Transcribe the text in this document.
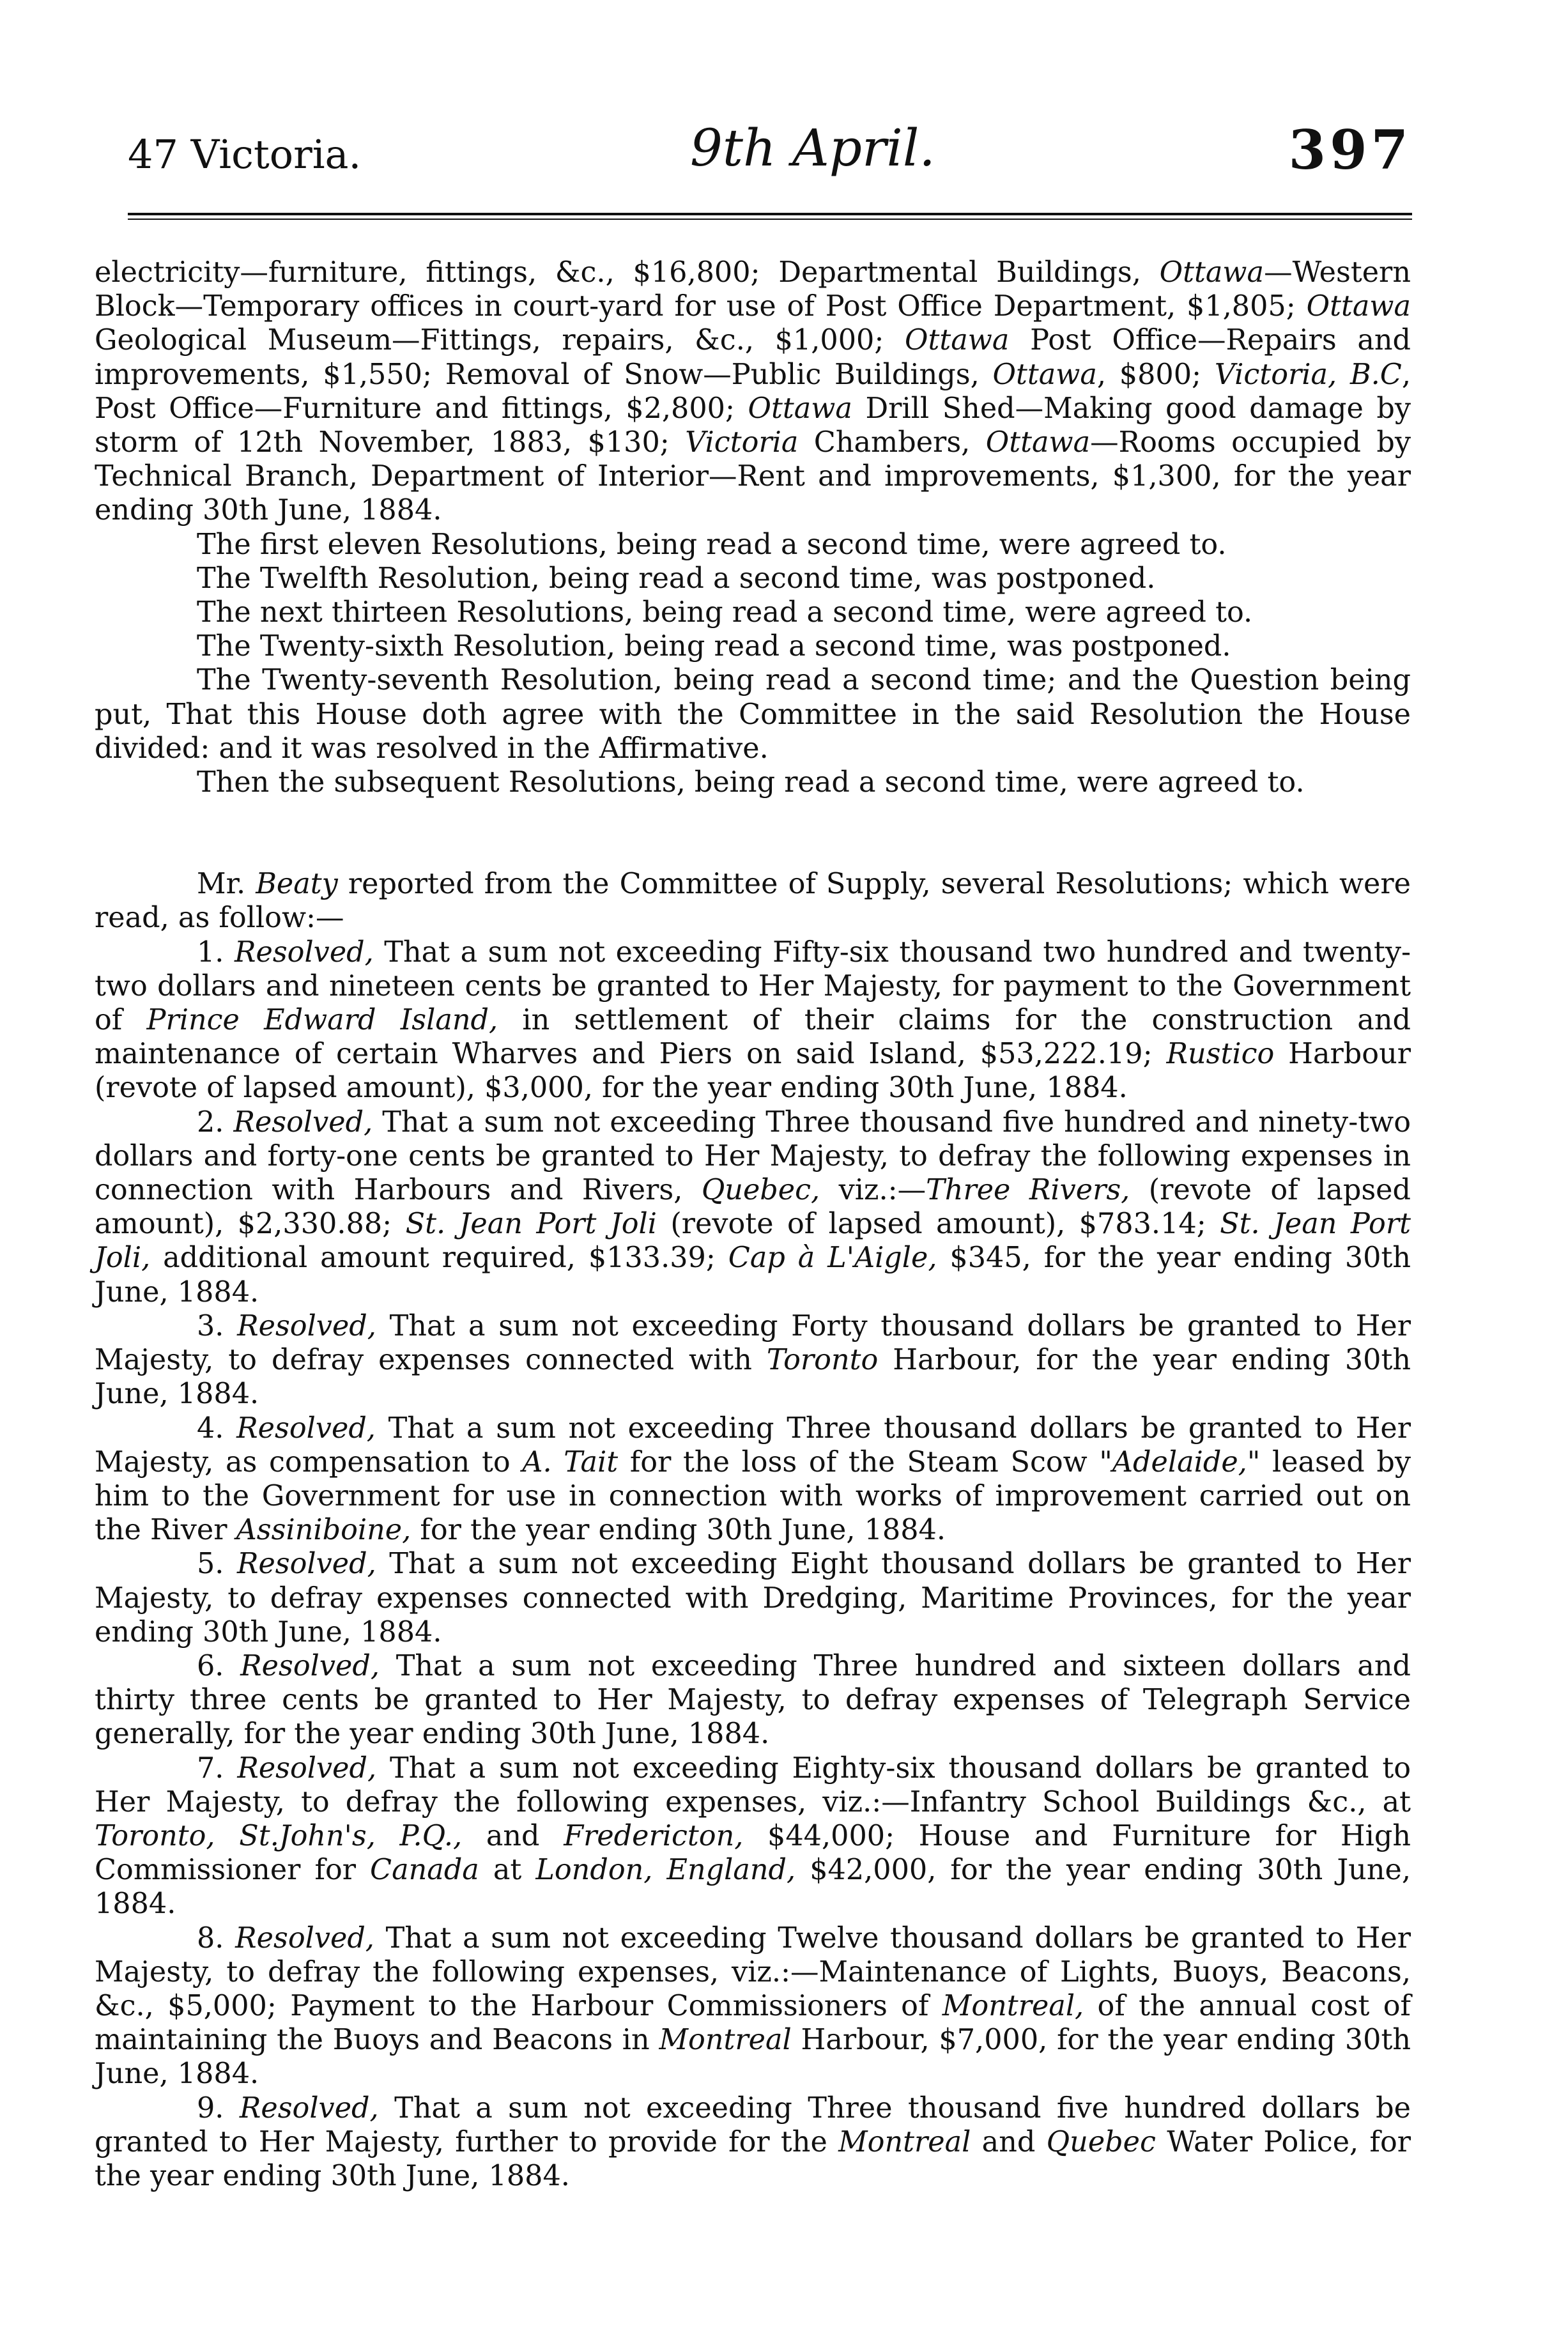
47 Victoria.	9th April.	397

electricity—furniture, fittings, &c., $16,800; Departmental Buildings, Ottawa—Western Block—Temporary offices in court-yard for use of Post Office Department, $1,805; Ottawa Geological Museum—Fittings, repairs, &c., $1,000; Ottawa Post Office—Repairs and improvements, $1,550; Removal of Snow—Public Buildings, Ottawa, $800; Victoria, B.C, Post Office—Furniture and fittings, $2,800; Ottawa Drill Shed—Making good damage by storm of 12th November, 1883, $130; Victoria Chambers, Ottawa—Rooms occupied by Technical Branch, Department of Interior—Rent and improvements, $1,300, for the year ending 30th June, 1884.

The first eleven Resolutions, being read a second time, were agreed to.

The Twelfth Resolution, being read a second time, was postponed.

The next thirteen Resolutions, being read a second time, were agreed to.

The Twenty-sixth Resolution, being read a second time, was postponed.

The Twenty-seventh Resolution, being read a second time; and the Question being put, That this House doth agree with the Committee in the said Resolution the House divided: and it was resolved in the Affirmative.

Then the subsequent Resolutions, being read a second time, were agreed to.

Mr. Beaty reported from the Committee of Supply, several Resolutions; which were read, as follow:—

1. Resolved, That a sum not exceeding Fifty-six thousand two hundred and twenty-two dollars and nineteen cents be granted to Her Majesty, for payment to the Government of Prince Edward Island, in settlement of their claims for the construction and maintenance of certain Wharves and Piers on said Island, $53,222.19; Rustico Harbour (revote of lapsed amount), $3,000, for the year ending 30th June, 1884.

2. Resolved, That a sum not exceeding Three thousand five hundred and ninety-two dollars and forty-one cents be granted to Her Majesty, to defray the following expenses in connection with Harbours and Rivers, Quebec, viz.:—Three Rivers, (revote of lapsed amount), $2,330.88; St. Jean Port Joli (revote of lapsed amount), $783.14; St. Jean Port Joli, additional amount required, $133.39; Cap à L'Aigle, $345, for the year ending 30th June, 1884.

3. Resolved, That a sum not exceeding Forty thousand dollars be granted to Her Majesty, to defray expenses connected with Toronto Harbour, for the year ending 30th June, 1884.

4. Resolved, That a sum not exceeding Three thousand dollars be granted to Her Majesty, as compensation to A. Tait for the loss of the Steam Scow "Adelaide," leased by him to the Government for use in connection with works of improvement carried out on the River Assiniboine, for the year ending 30th June, 1884.

5. Resolved, That a sum not exceeding Eight thousand dollars be granted to Her Majesty, to defray expenses connected with Dredging, Maritime Provinces, for the year ending 30th June, 1884.

6. Resolved, That a sum not exceeding Three hundred and sixteen dollars and thirty three cents be granted to Her Majesty, to defray expenses of Telegraph Service generally, for the year ending 30th June, 1884.

7. Resolved, That a sum not exceeding Eighty-six thousand dollars be granted to Her Majesty, to defray the following expenses, viz.:—Infantry School Buildings &c., at Toronto, St.John's, P.Q., and Fredericton, $44,000; House and Furniture for High Commissioner for Canada at London, England, $42,000, for the year ending 30th June, 1884.

8. Resolved, That a sum not exceeding Twelve thousand dollars be granted to Her Majesty, to defray the following expenses, viz.:—Maintenance of Lights, Buoys, Beacons, &c., $5,000; Payment to the Harbour Commissioners of Montreal, of the annual cost of maintaining the Buoys and Beacons in Montreal Harbour, $7,000, for the year ending 30th June, 1884.

9. Resolved, That a sum not exceeding Three thousand five hundred dollars be granted to Her Majesty, further to provide for the Montreal and Quebec Water Police, for the year ending 30th June, 1884.
